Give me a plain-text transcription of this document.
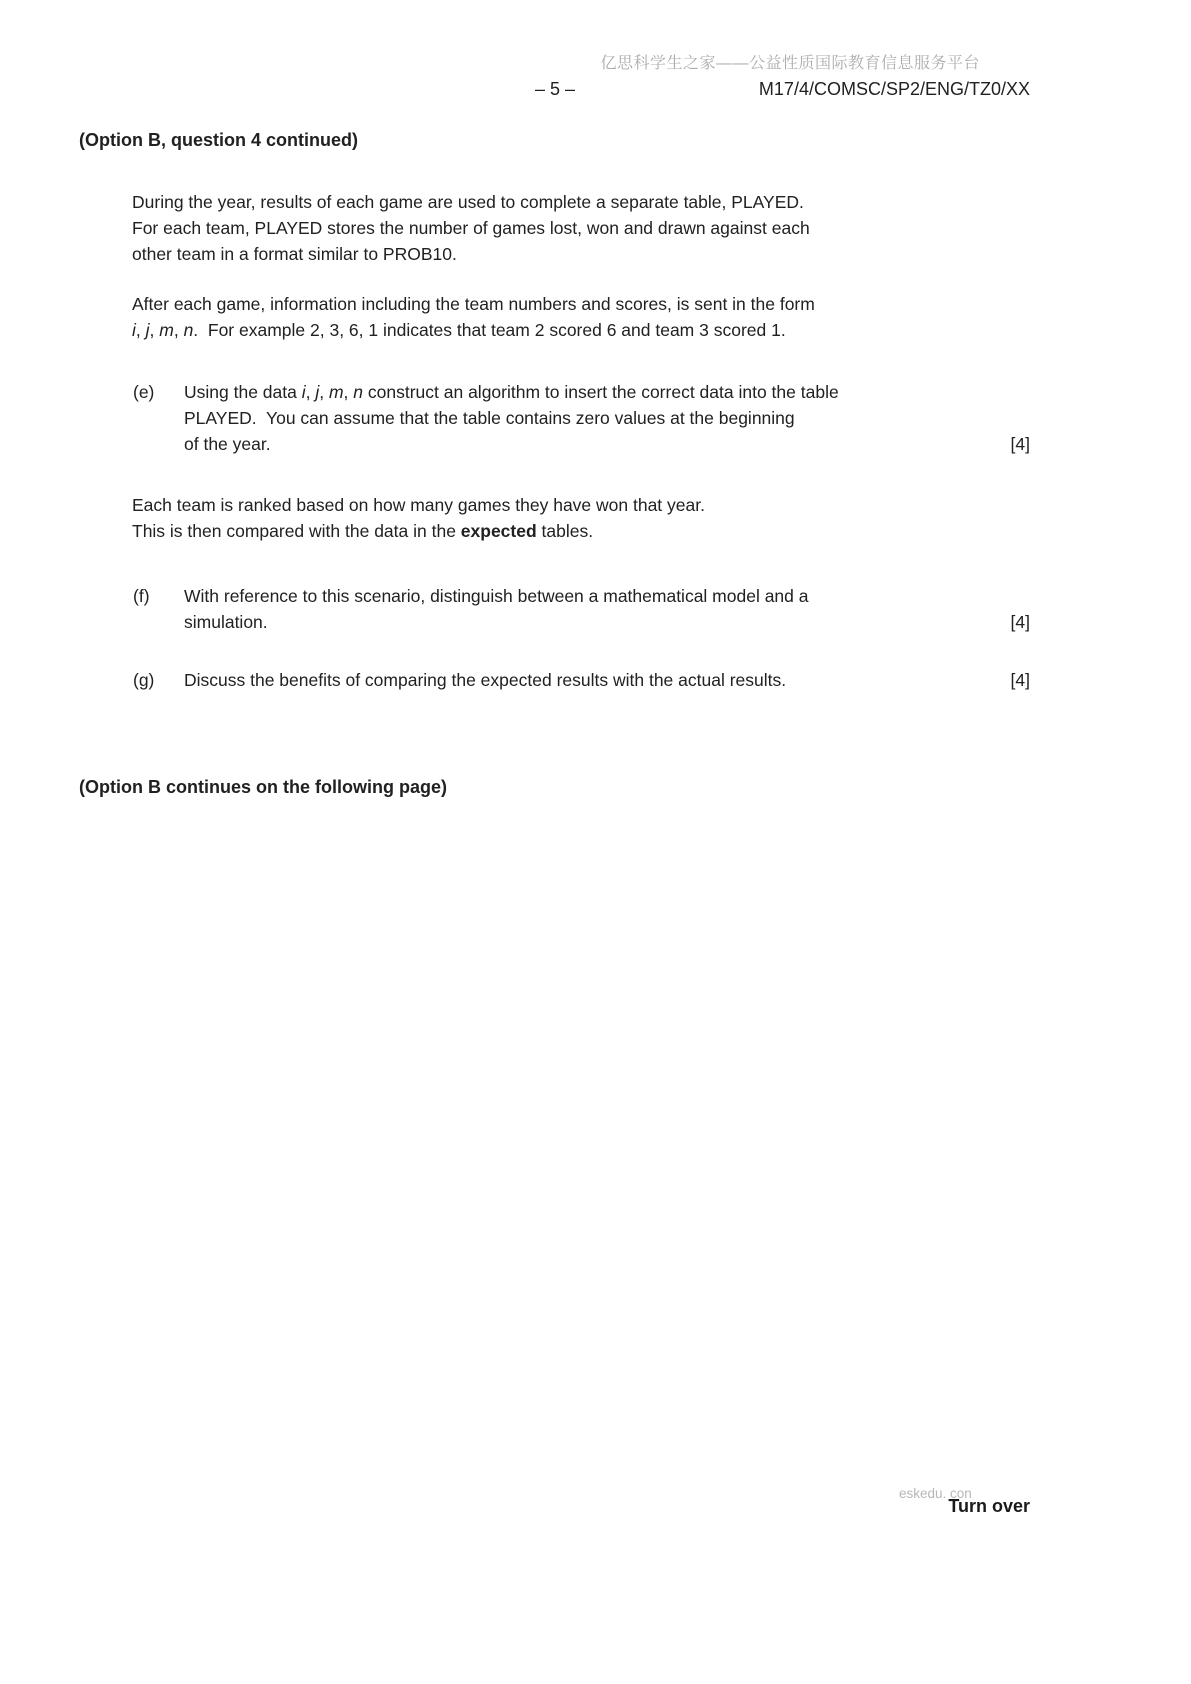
亿思科学生之家——公益性质国际教育信息服务平台
– 5 –	M17/4/COMSC/SP2/ENG/TZ0/XX
(Option B, question 4 continued)
During the year, results of each game are used to complete a separate table, PLAYED.
For each team, PLAYED stores the number of games lost, won and drawn against each
other team in a format similar to PROB10.
After each game, information including the team numbers and scores, is sent in the form
i, j, m, n.  For example 2, 3, 6, 1 indicates that team 2 scored 6 and team 3 scored 1.
(e)	Using the data i, j, m, n construct an algorithm to insert the correct data into the table
PLAYED.  You can assume that the table contains zero values at the beginning
of the year.	[4]
Each team is ranked based on how many games they have won that year.
This is then compared with the data in the expected tables.
(f)	With reference to this scenario, distinguish between a mathematical model and a
simulation.	[4]
(g)	Discuss the benefits of comparing the expected results with the actual results.	[4]
(Option B continues on the following page)
eskedu. con
Turn over
